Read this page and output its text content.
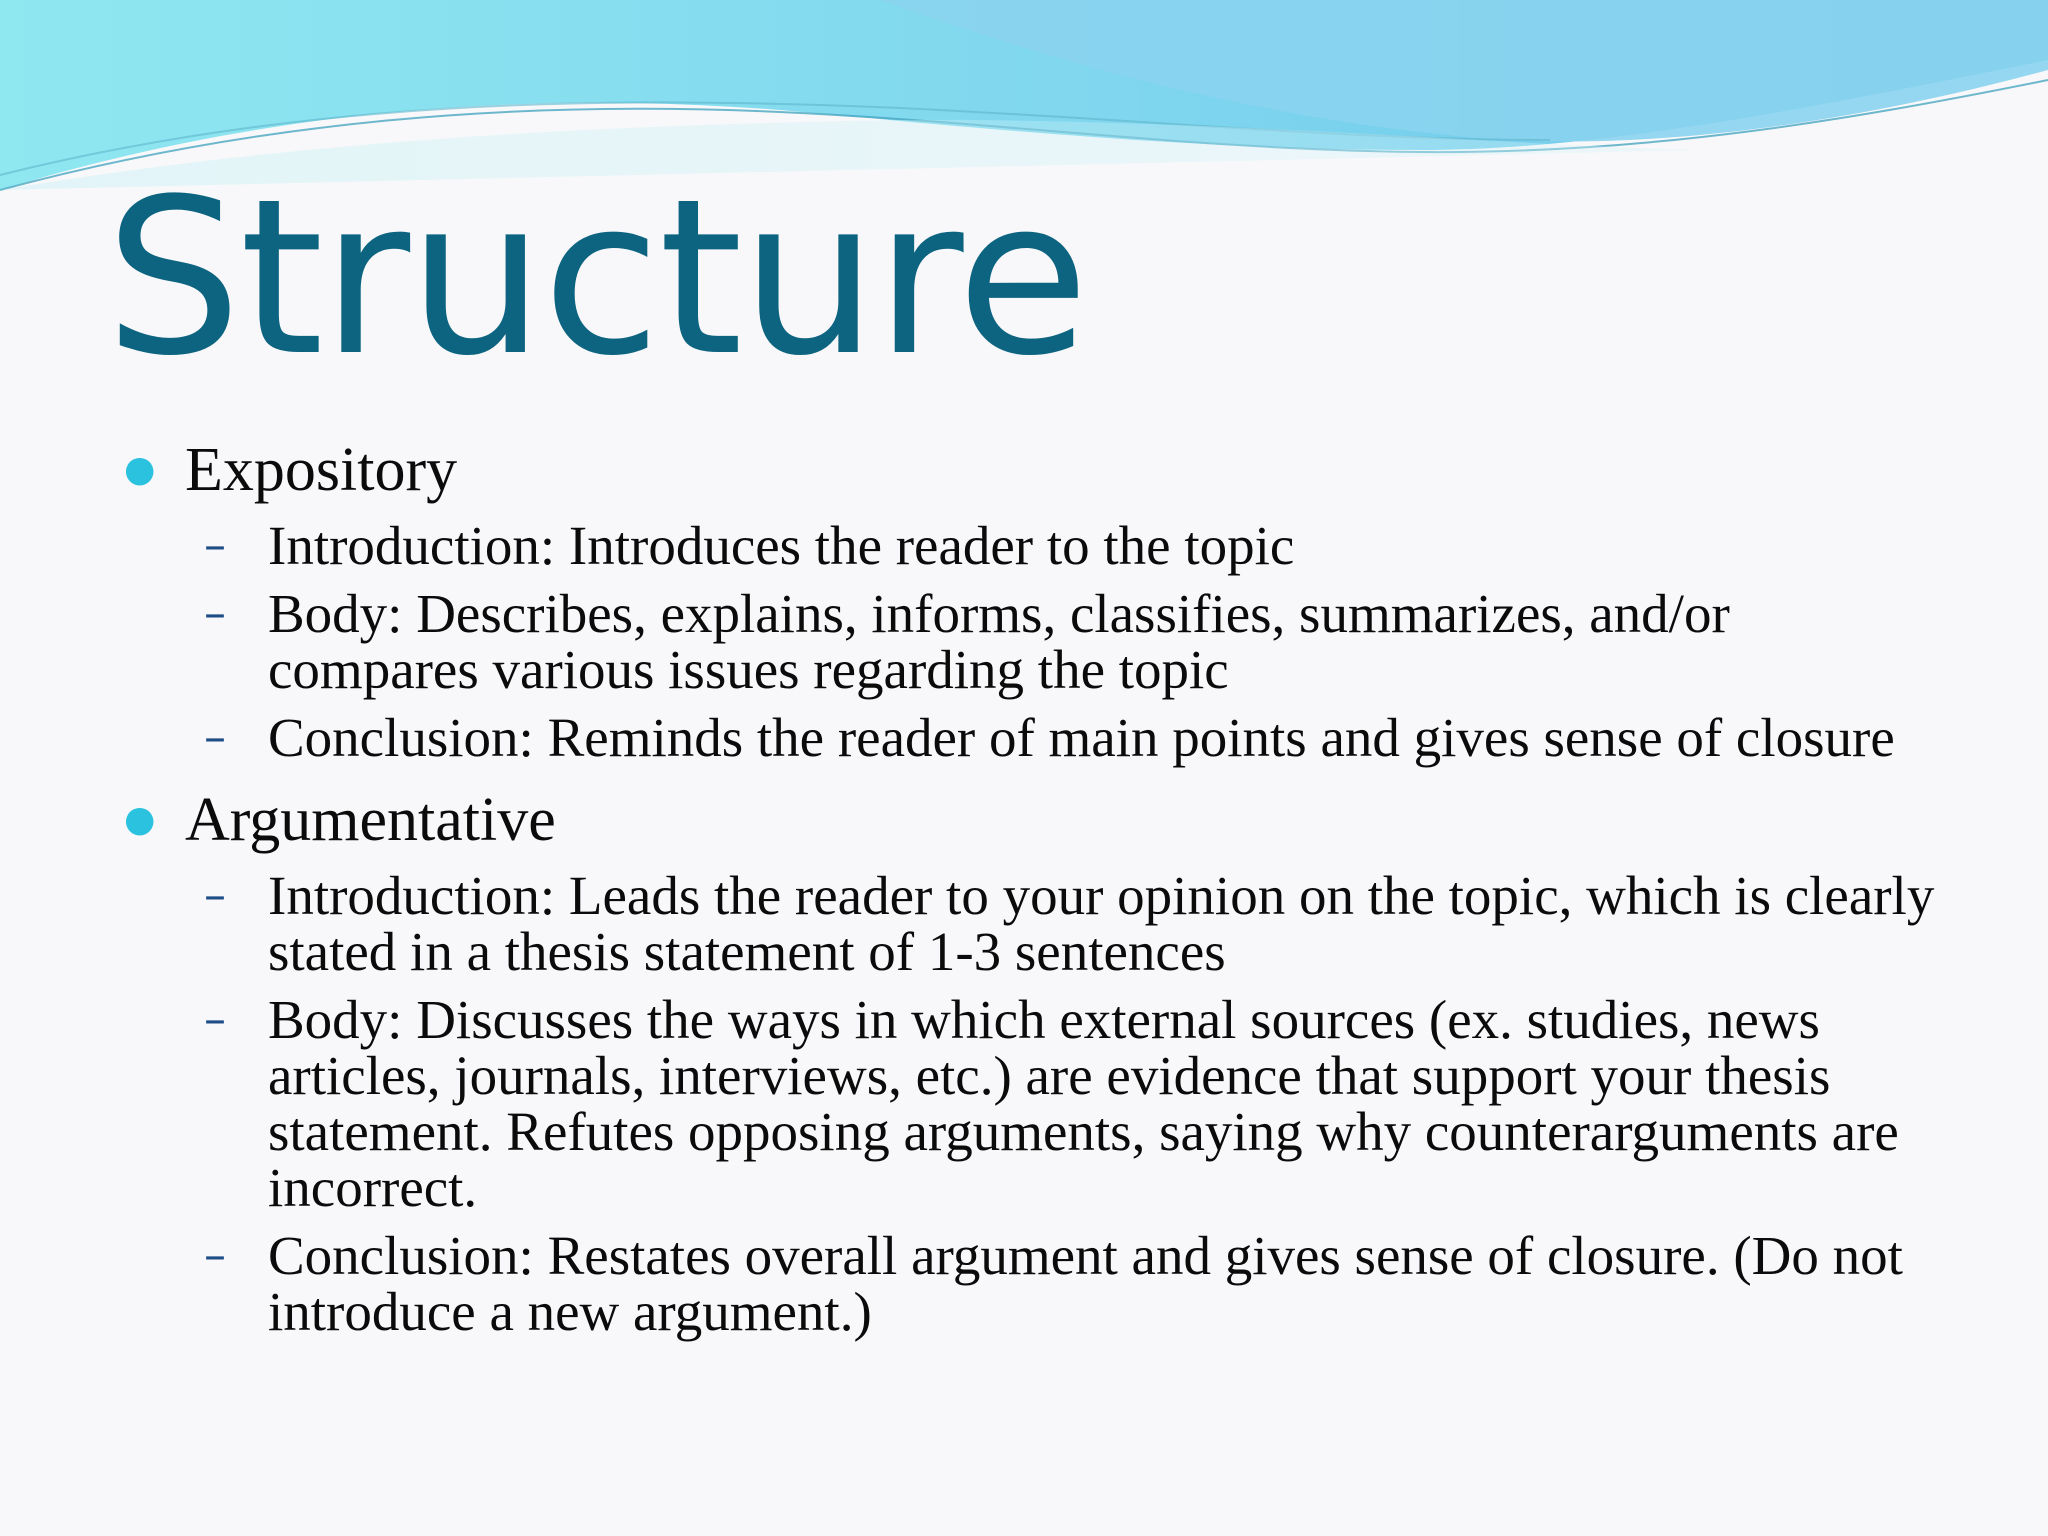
Structure
● Expository
– Introduction: Introduces the reader to the topic
– Body: Describes, explains, informs, classifies, summarizes, and/or compares various issues regarding the topic
– Conclusion: Reminds the reader of main points and gives sense of closure
● Argumentative
– Introduction: Leads the reader to your opinion on the topic, which is clearly stated in a thesis statement of 1-3 sentences
– Body: Discusses the ways in which external sources (ex. studies, news articles, journals, interviews, etc.) are evidence that support your thesis statement. Refutes opposing arguments, saying why counterarguments are incorrect.
– Conclusion: Restates overall argument and gives sense of closure. (Do not introduce a new argument.)
